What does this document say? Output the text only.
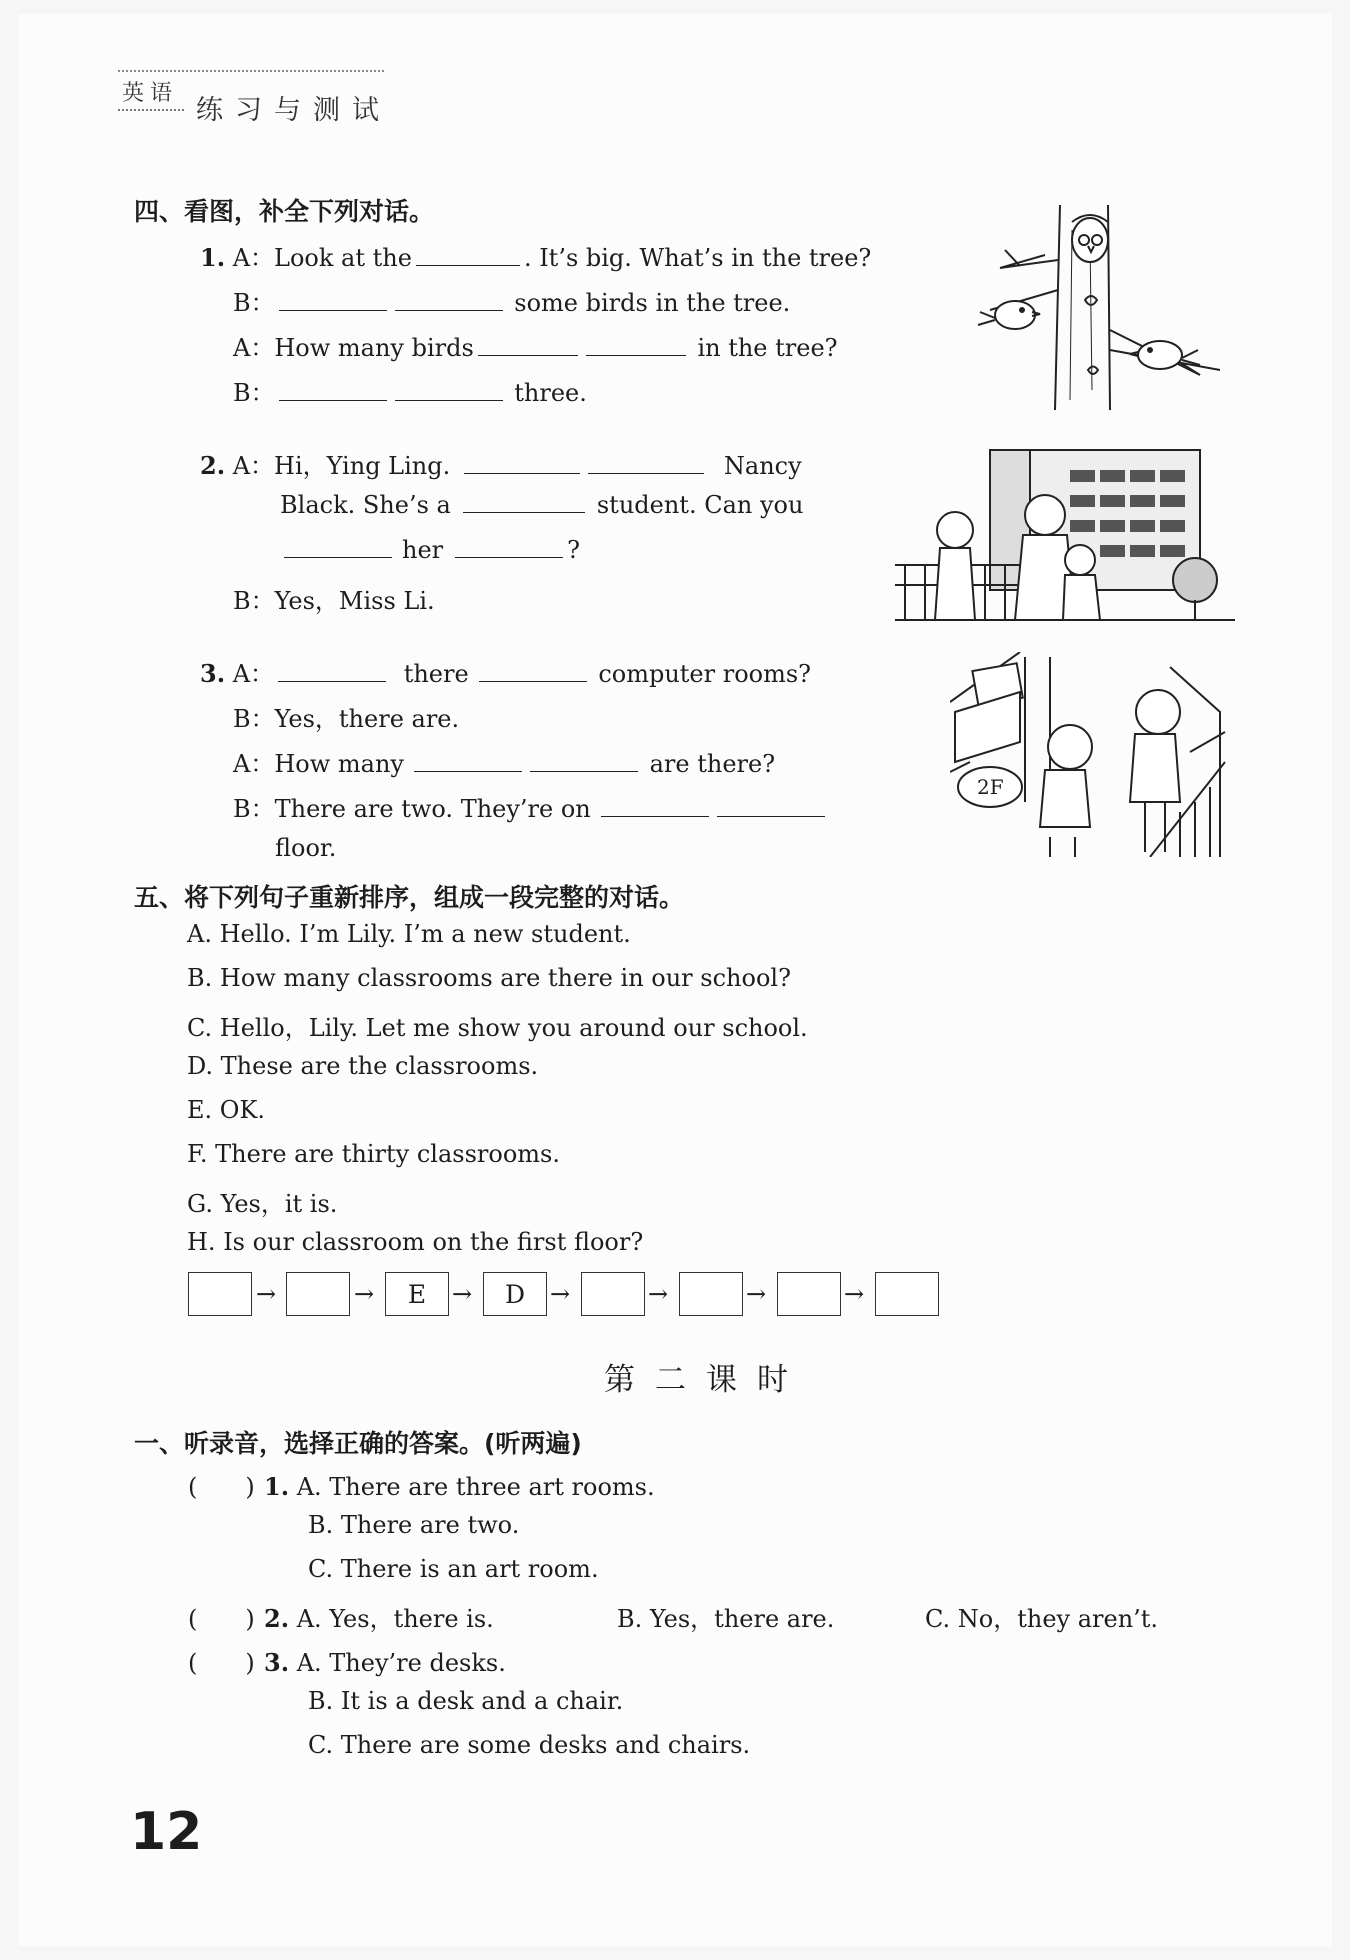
英语
练习与测试
四、看图，补全下列对话。
1. A：Look at the	. It’s big. What’s in the tree?
B：	some birds in the tree.
A：How many birds	in the tree?
B：	three.
2. A：Hi，Ying Ling.	Nancy
Black. She’s a	student. Can you
her	?
B：Yes，Miss Li.
3. A：	there	computer rooms?
B：Yes，there are.
A：How many	are there?
B：There are two. They’re on
floor.
2F
五、将下列句子重新排序，组成一段完整的对话。
A. Hello. I’m Lily. I’m a new student.
B. How many classrooms are there in our school?
C. Hello，Lily. Let me show you around our school.
D. These are the classrooms.
E. OK.
F. There are thirty classrooms.
G. Yes，it is.
H. Is our classroom on the first floor?
→	→	E	→	D	→	→	→	→
第二课时
一、听录音，选择正确的答案。(听两遍)
(　　) 1. A. There are three art rooms.
B. There are two.
C. There is an art room.
(　　) 2. A. Yes，there is.	B. Yes，there are.	C. No，they aren’t.
(　　) 3. A. They’re desks.
B. It is a desk and a chair.
C. There are some desks and chairs.
12
